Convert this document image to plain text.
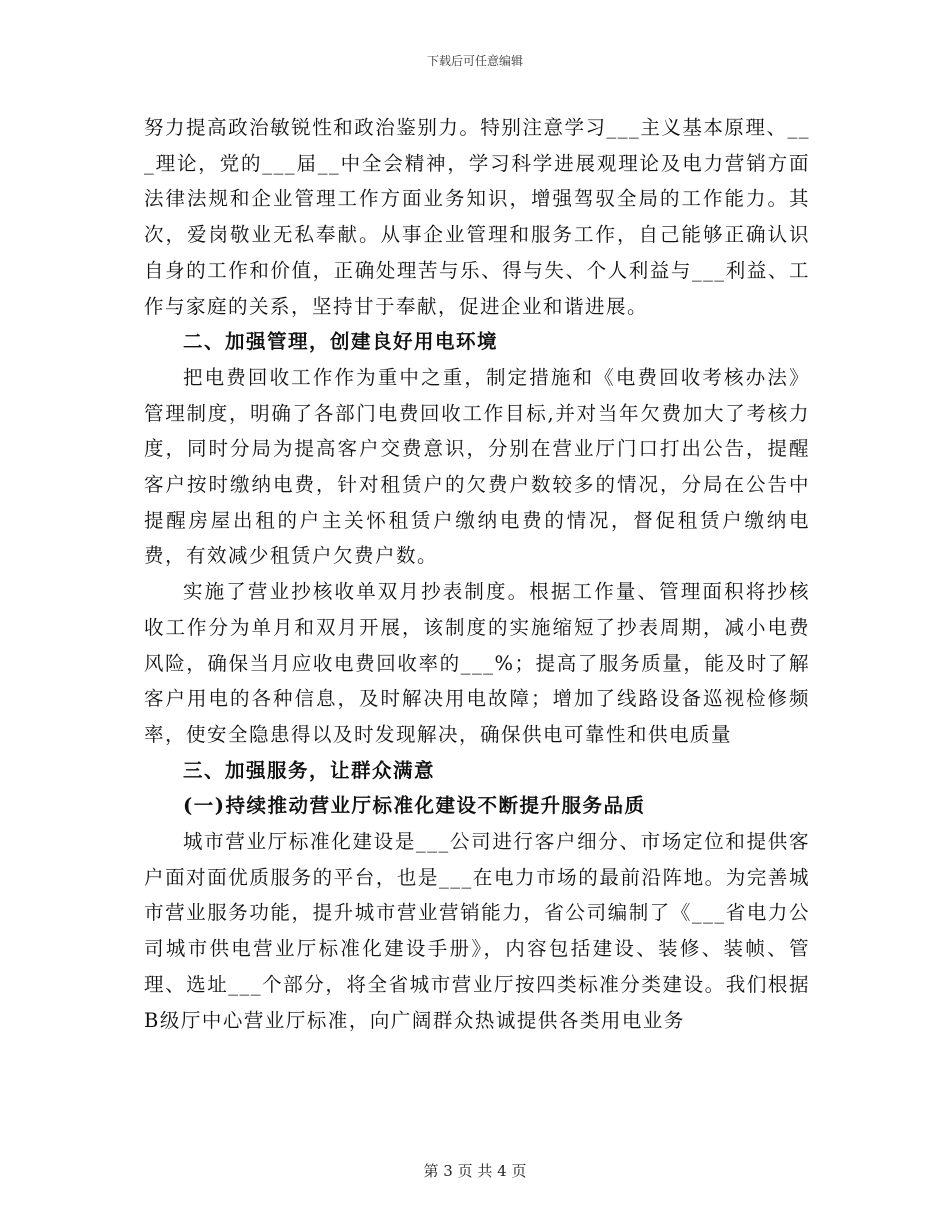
下载后可任意编辑

努力提高政治敏锐性和政治鉴别力。特别注意学习___主义基本原理、___理论，党的___届__中全会精神，学习科学进展观理论及电力营销方面法律法规和企业管理工作方面业务知识，增强驾驭全局的工作能力。其次，爱岗敬业无私奉献。从事企业管理和服务工作，自己能够正确认识自身的工作和价值，正确处理苦与乐、得与失、个人利益与___利益、工作与家庭的关系，坚持甘于奉献，促进企业和谐进展。

二、加强管理，创建良好用电环境

把电费回收工作作为重中之重，制定措施和《电费回收考核办法》管理制度，明确了各部门电费回收工作目标,并对当年欠费加大了考核力度，同时分局为提高客户交费意识，分别在营业厅门口打出公告，提醒客户按时缴纳电费，针对租赁户的欠费户数较多的情况，分局在公告中提醒房屋出租的户主关怀租赁户缴纳电费的情况，督促租赁户缴纳电费，有效减少租赁户欠费户数。

实施了营业抄核收单双月抄表制度。根据工作量、管理面积将抄核收工作分为单月和双月开展，该制度的实施缩短了抄表周期，减小电费风险，确保当月应收电费回收率的___%；提高了服务质量，能及时了解客户用电的各种信息，及时解决用电故障；增加了线路设备巡视检修频率，使安全隐患得以及时发现解决，确保供电可靠性和供电质量

三、加强服务，让群众满意

(一)持续推动营业厅标准化建设不断提升服务品质

城市营业厅标准化建设是___公司进行客户细分、市场定位和提供客户面对面优质服务的平台，也是___在电力市场的最前沿阵地。为完善城市营业服务功能，提升城市营业营销能力，省公司编制了《___省电力公司城市供电营业厅标准化建设手册》，内容包括建设、装修、装帧、管理、选址___个部分，将全省城市营业厅按四类标准分类建设。我们根据B级厅中心营业厅标准，向广阔群众热诚提供各类用电业务

第 3 页 共 4 页
